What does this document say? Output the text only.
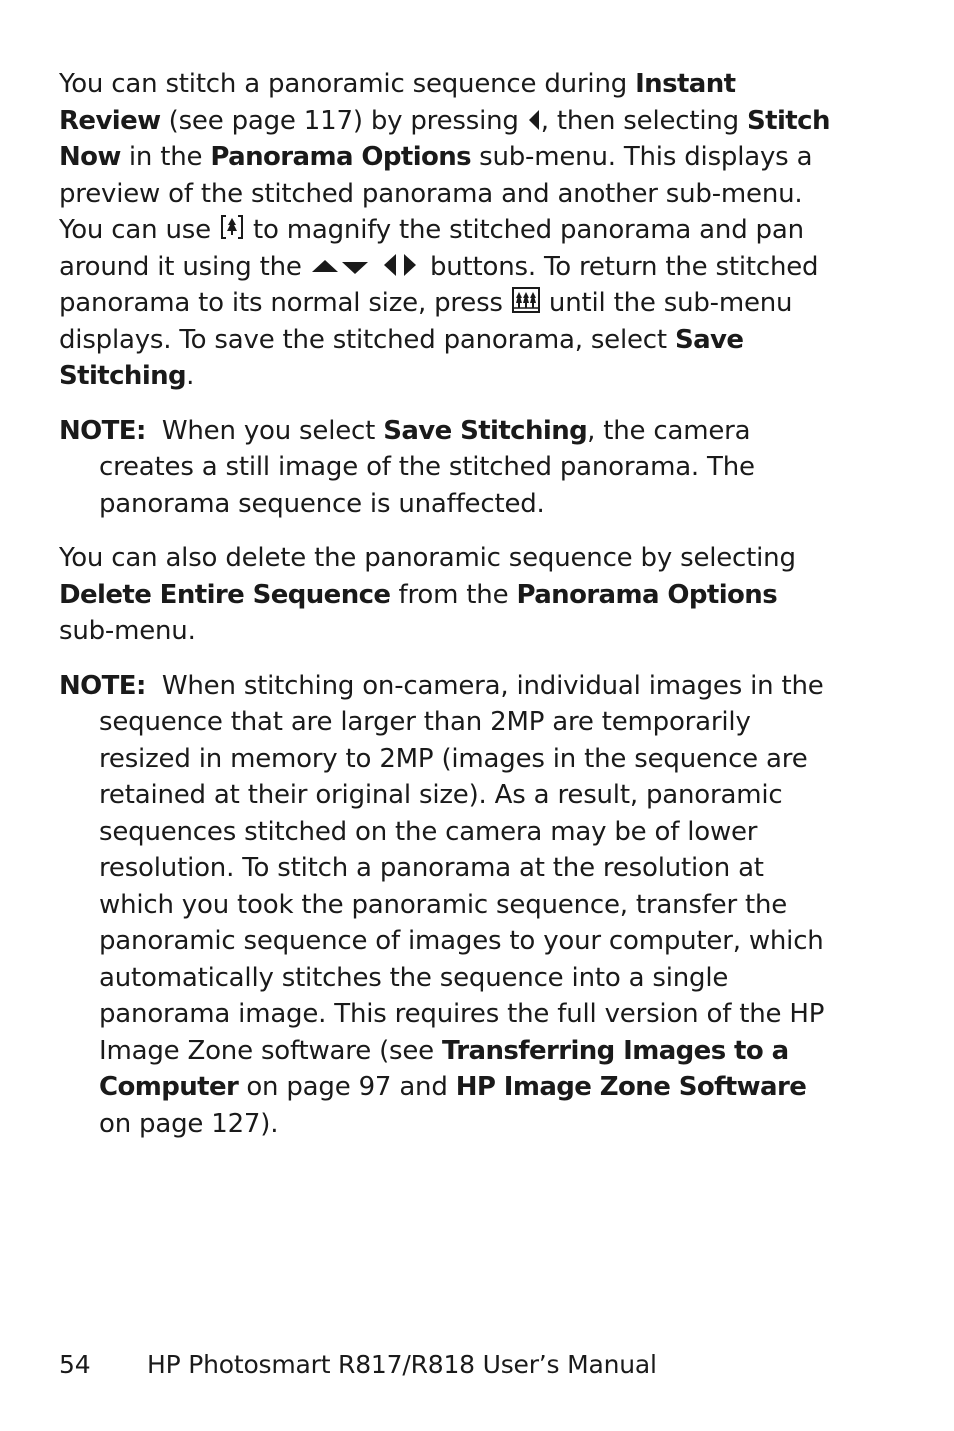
You can stitch a panoramic sequence during Instant Review (see page 117) by pressing , then selecting Stitch Now in the Panorama Options sub-menu. This displays a preview of the stitched panorama and another sub-menu. You can use  to magnify the stitched panorama and pan around it using the	buttons. To return the stitched panorama to its normal size, press  until the sub-menu displays. To save the stitched panorama, select Save Stitching.

NOTE:  When you select Save Stitching, the camera creates a still image of the stitched panorama. The panorama sequence is unaffected.

You can also delete the panoramic sequence by selecting Delete Entire Sequence from the Panorama Options sub-menu.

NOTE:  When stitching on-camera, individual images in the sequence that are larger than 2MP are temporarily resized in memory to 2MP (images in the sequence are retained at their original size). As a result, panoramic sequences stitched on the camera may be of lower resolution. To stitch a panorama at the resolution at which you took the panoramic sequence, transfer the panoramic sequence of images to your computer, which automatically stitches the sequence into a single panorama image. This requires the full version of the HP Image Zone software (see Transferring Images to a Computer on page 97 and HP Image Zone Software on page 127).

54 HP Photosmart R817/R818 User’s Manual
